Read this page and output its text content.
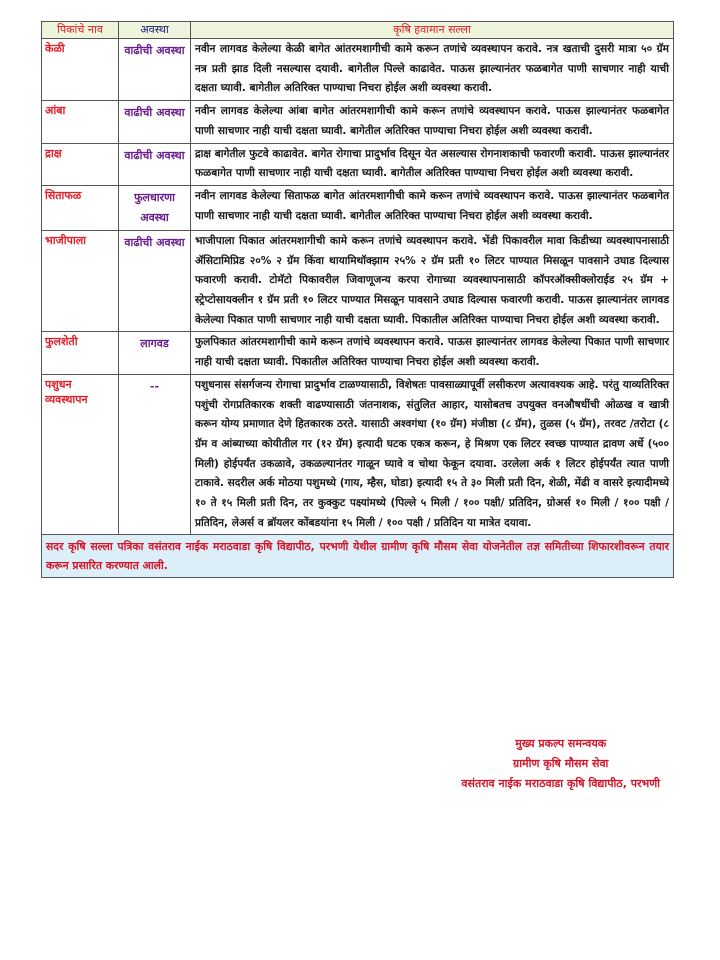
पिकांचे नाव	अवस्था	कृषि हवामान सल्ला
केळी	वाढीची अवस्था	नवीन लागवड केलेल्या केळी बागेत आंतरमशागीची कामे करून तणांचे व्यवस्थापन करावे. नत्र खताची दुसरी मात्रा ५० ग्रॅम नत्र प्रती झाड दिली नसल्यास दयावी. बागेतील पिल्ले काढावेत. पाऊस झाल्यानंतर फळबागेत पाणी साचणार नाही याची दक्षता घ्यावी. बागेतील अतिरिक्त पाण्याचा निचरा होईल अशी व्यवस्था करावी.
आंबा	वाढीची अवस्था	नवीन लागवड केलेल्या आंबा बागेत आंतरमशागीची कामे करून तणांचे व्यवस्थापन करावे. पाऊस झाल्यानंतर फळबागेत पाणी साचणार नाही याची दक्षता घ्यावी. बागेतील अतिरिक्त पाण्याचा निचरा होईल अशी व्यवस्था करावी.
द्राक्ष	वाढीची अवस्था	द्राक्ष बागेतील फुटवे काढावेत. बागेत रोगाचा प्रादुर्भाव दिसून येत असल्यास रोगनाशकाची फवारणी करावी. पाऊस झाल्यानंतर फळबागेत पाणी साचणार नाही याची दक्षता घ्यावी. बागेतील अतिरिक्त पाण्याचा निचरा होईल अशी व्यवस्था करावी.
सिताफळ	फुलधारणा अवस्था	नवीन लागवड केलेल्या सिताफळ बागेत आंतरमशागीची कामे करून तणांचे व्यवस्थापन करावे. पाऊस झाल्यानंतर फळबागेत पाणी साचणार नाही याची दक्षता घ्यावी. बागेतील अतिरिक्त पाण्याचा निचरा होईल अशी व्यवस्था करावी.
भाजीपाला	वाढीची अवस्था	भाजीपाला पिकात आंतरमशागीची कामे करून तणांचे व्यवस्थापन करावे. भेंडी पिकावरील मावा किडीच्या व्यवस्थापनासाठी ॲसिटामिप्रिड २०% २ ग्रॅम किंवा थायामिथॉक्झाम २५% २ ग्रॅम प्रती १० लिटर पाण्यात मिसळून पावसाने उघाड दिल्यास फवारणी करावी. टोमॅटो पिकावरील जिवाणूजन्य करपा रोगाच्या व्यवस्थापनासाठी कॉपरऑक्सीक्लोराईड २५ ग्रॅम + स्ट्रेप्टोसायक्लीन १ ग्रॅम प्रती १० लिटर पाण्यात मिसळून पावसाने उघाड दिल्यास फवारणी करावी. पाऊस झाल्यानंतर लागवड केलेल्या पिकात पाणी साचणार नाही याची दक्षता घ्यावी. पिकातील अतिरिक्त पाण्याचा निचरा होईल अशी व्यवस्था करावी.
फुलशेती	लागवड	फुलपिकात आंतरमशागीची कामे करून तणांचे व्यवस्थापन करावे. पाऊस झाल्यानंतर लागवड केलेल्या पिकात पाणी साचणार नाही याची दक्षता घ्यावी. पिकातील अतिरिक्त पाण्याचा निचरा होईल अशी व्यवस्था करावी.
पशुधन व्यवस्थापन	--	पशुधनास संसर्गजन्य रोगाचा प्रादुर्भाव टाळण्यासाठी, विशेषतः पावसाळ्यापूर्वी लसीकरण अत्यावश्यक आहे. परंतु याव्यतिरिक्त पशुंची रोगप्रतिकारक शक्ती वाढण्यासाठी जंतनाशक, संतुलित आहार, यासोबतच उपयुक्त वनऔषधींची ओळख व खात्री करून योग्य प्रमाणात देणे हितकारक ठरते. यासाठी अश्वगंधा (१० ग्रॅम) मंजीष्ठा (८ ग्रॅम), तुळस (५ ग्रॅम), तरवट /तरोटा (८ ग्रॅम व आंब्याच्या कोयीतील गर (१२ ग्रॅम) इत्यादी घटक एकत्र करून, हे मिश्रण एक लिटर स्वच्छ पाण्यात द्रावण अर्धे (५०० मिली) होईपर्यंत उकळावे, उकळल्यानंतर गाळून घ्यावे व चोथा फेकून दयावा. उरलेला अर्क १ लिटर होईपर्यंत त्यात पाणी टाकावे. सदरील अर्क मोठया पशुमध्ये (गाय, म्हैस, घोडा) इत्यादी १५ ते ३० मिली प्रती दिन, शेळी, मेंढी व वासरे इत्यादीमध्ये १० ते १५ मिली प्रती दिन, तर कुक्कुट पक्ष्यांमध्ये (पिल्ले ५ मिली / १०० पक्षी/ प्रतिदिन, ग्रोअर्स १० मिली / १०० पक्षी / प्रतिदिन, लेअर्स व ब्रॉयलर कोंबडयांना १५ मिली / १०० पक्षी / प्रतिदिन या मात्रेत दयावा.
सदर कृषि सल्ला पत्रिका वसंतराव नाईक मराठवाडा कृषि विद्यापीठ, परभणी येथील ग्रामीण कृषि मौसम सेवा योजनेतील तज्ञ समितीच्या शिफारशीवरून तयार करून प्रसारित करण्यात आली.		
मुख्य प्रकल्प समन्वयक
ग्रामीण कृषि मौसम सेवा
वसंतराव नाईक मराठवाडा कृषि विद्यापीठ, परभणी
